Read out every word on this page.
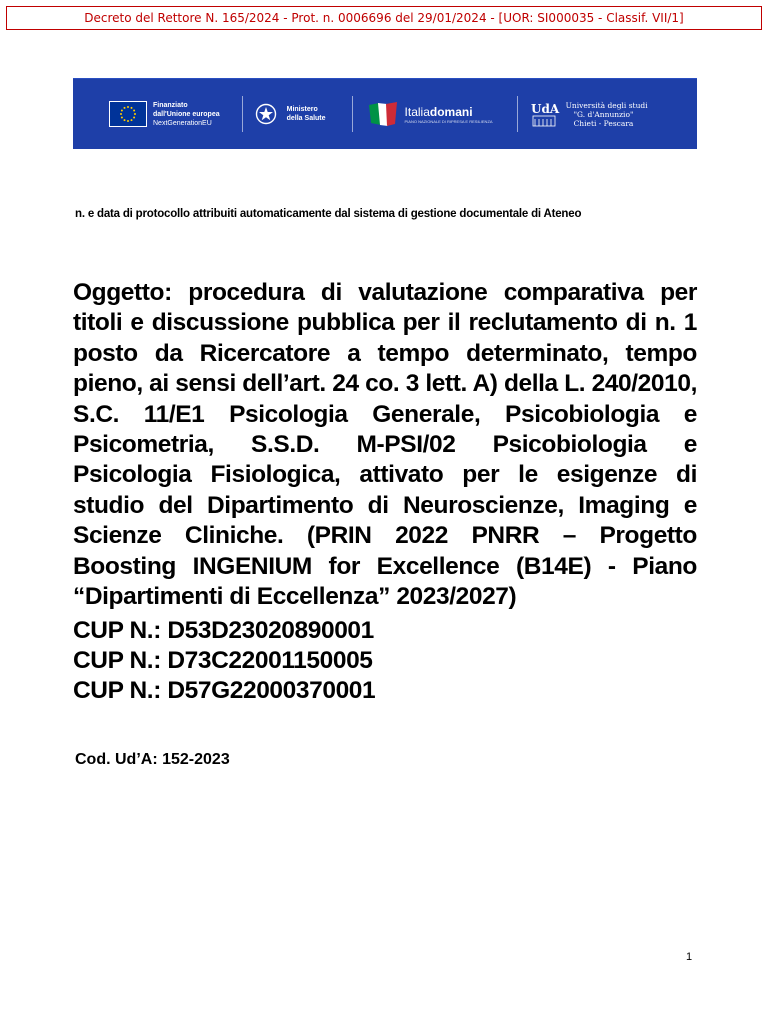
Decreto del Rettore N. 165/2024 - Prot. n. 0006696 del 29/01/2024 - [UOR: SI000035 - Classif. VII/1]
Finanziato
dall'Unione europea
NextGenerationEU
Ministero
della Salute	Italiadomani
PIANO NAZIONALE DI RIPRESA E RESILIENZA
UdA Università degli studi
"G. d'Annunzio"
Chieti - Pescara
n. e data di protocollo attribuiti automaticamente dal sistema di gestione documentale di Ateneo

Oggetto: procedura di valutazione comparativa per titoli e discussione pubblica per il reclutamento di n. 1 posto da Ricercatore a tempo determinato, tempo pieno, ai sensi dell’art. 24 co. 3 lett. A) della L. 240/2010, S.C. 11/E1 Psicologia Generale, Psicobiologia e Psicometria, S.S.D. M-PSI/02 Psicobiologia e Psicologia Fisiologica, attivato per le esigenze di studio del Dipartimento di Neuroscienze, Imaging e Scienze Cliniche. (PRIN 2022 PNRR – Progetto Boosting INGENIUM for Excellence (B14E) - Piano “Dipartimenti di Eccellenza” 2023/2027)

CUP N.: D53D23020890001
CUP N.: D73C22001150005
CUP N.: D57G22000370001
Cod. Ud’A: 152-2023
1
